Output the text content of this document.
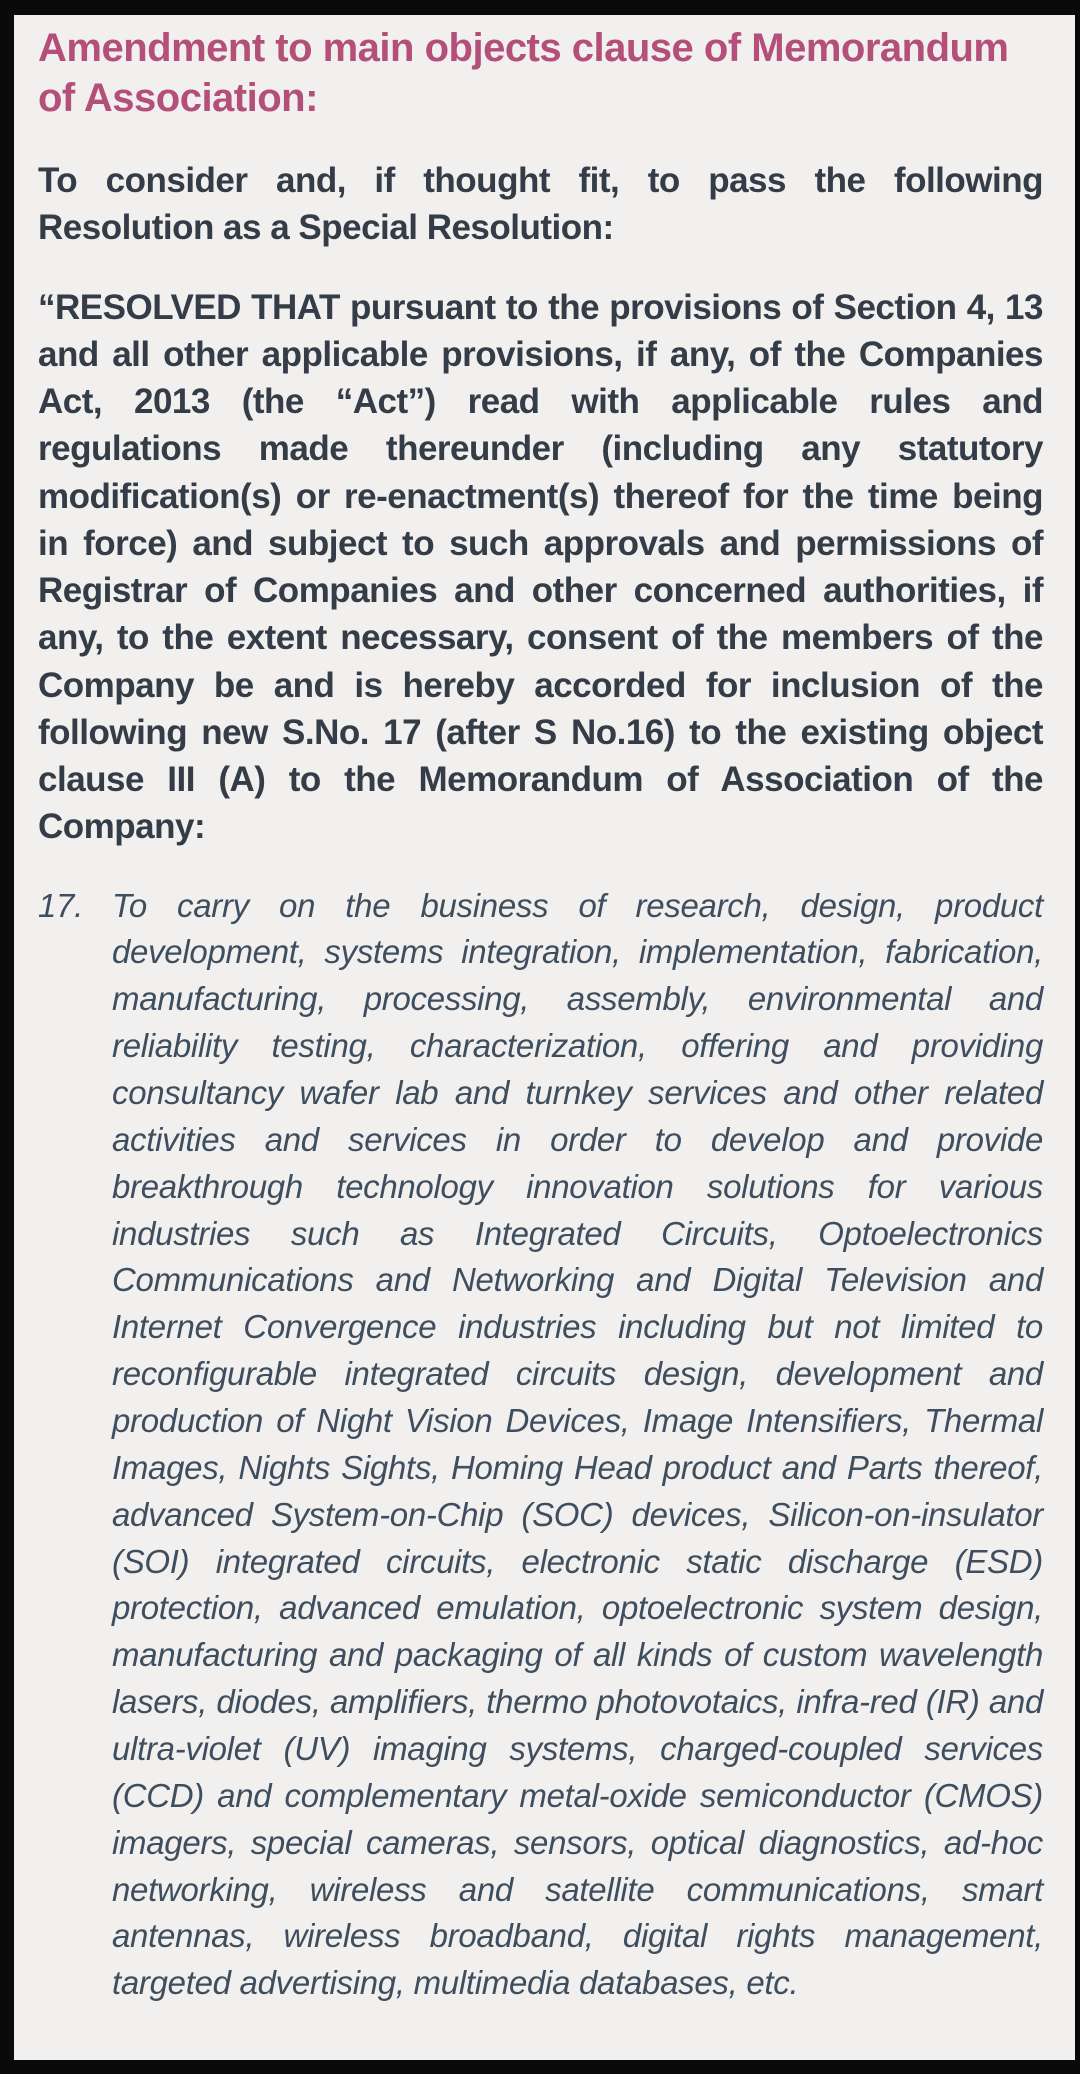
Amendment to main objects clause of Memorandum of Association:

To consider and, if thought fit, to pass the following Resolution as a Special Resolution:

“RESOLVED THAT pursuant to the provisions of Section 4, 13 and all other applicable provisions, if any, of the Companies Act, 2013 (the “Act”) read with applicable rules and regulations made thereunder (including any statutory modification(s) or re-enactment(s) thereof for the time being in force) and subject to such approvals and permissions of Registrar of Companies and other concerned authorities, if any, to the extent necessary, consent of the members of the Company be and is hereby accorded for inclusion of the following new S.No. 17 (after S No.16) to the existing object clause III (A) to the Memorandum of Association of the Company:

17. To carry on the business of research, design, product development, systems integration, implementation, fabrication, manufacturing, processing, assembly, environmental and reliability testing, characterization, offering and providing consultancy wafer lab and turnkey services and other related activities and services in order to develop and provide breakthrough technology innovation solutions for various industries such as Integrated Circuits, Optoelectronics Communications and Networking and Digital Television and Internet Convergence industries including but not limited to reconfigurable integrated circuits design, development and production of Night Vision Devices, Image Intensifiers, Thermal Images, Nights Sights, Homing Head product and Parts thereof, advanced System-on-Chip (SOC) devices, Silicon-on-insulator (SOI) integrated circuits, electronic static discharge (ESD) protection, advanced emulation, optoelectronic system design, manufacturing and packaging of all kinds of custom wavelength lasers, diodes, amplifiers, thermo photovotaics, infra-red (IR) and ultra-violet (UV) imaging systems, charged-coupled services (CCD) and complementary metal-oxide semiconductor (CMOS) imagers, special cameras, sensors, optical diagnostics, ad-hoc networking, wireless and satellite communications, smart antennas, wireless broadband, digital rights management, targeted advertising, multimedia databases, etc.
